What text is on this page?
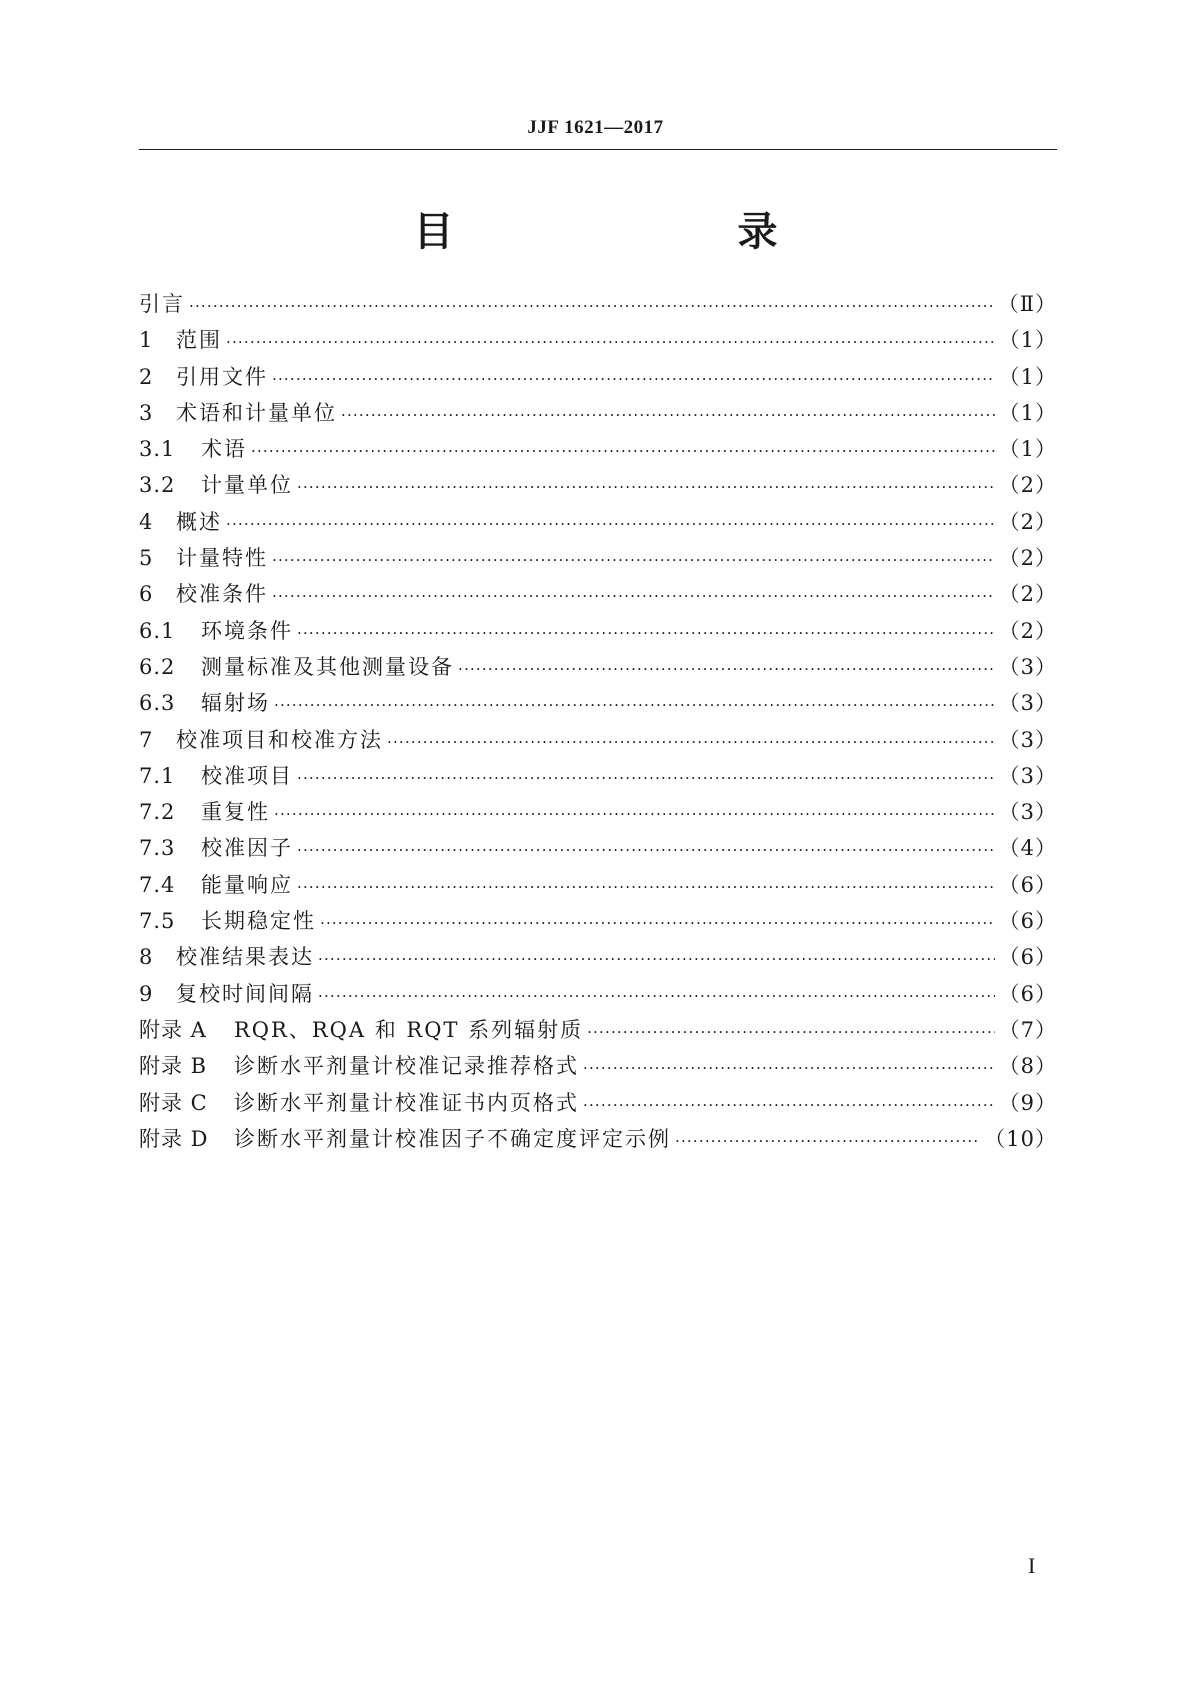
JJF 1621—2017
目　　录
引言 ·····	（Ⅱ）
1	范围 ·····	（1）
2	引用文件 ·····	（1）
3	术语和计量单位 ·····	（1）
3.1	术语 ·····	（1）
3.2	计量单位 ·····	（2）
4	概述 ·····	（2）
5	计量特性 ·····	（2）
6	校准条件 ·····	（2）
6.1	环境条件 ·····	（2）
6.2	测量标准及其他测量设备 ·····	（3）
6.3	辐射场 ·····	（3）
7	校准项目和校准方法 ·····	（3）
7.1	校准项目 ·····	（3）
7.2	重复性 ·····	（3）
7.3	校准因子 ·····	（4）
7.4	能量响应 ·····	（6）
7.5	长期稳定性 ·····	（6）
8	校准结果表达 ·····	（6）
9	复校时间间隔 ·····	（6）
附录 A	RQR、RQA 和 RQT 系列辐射质 ·····	（7）
附录 B	诊断水平剂量计校准记录推荐格式 ·····	（8）
附录 C	诊断水平剂量计校准证书内页格式 ·····	（9）
附录 D	诊断水平剂量计校准因子不确定度评定示例 ·····	（10）
I
